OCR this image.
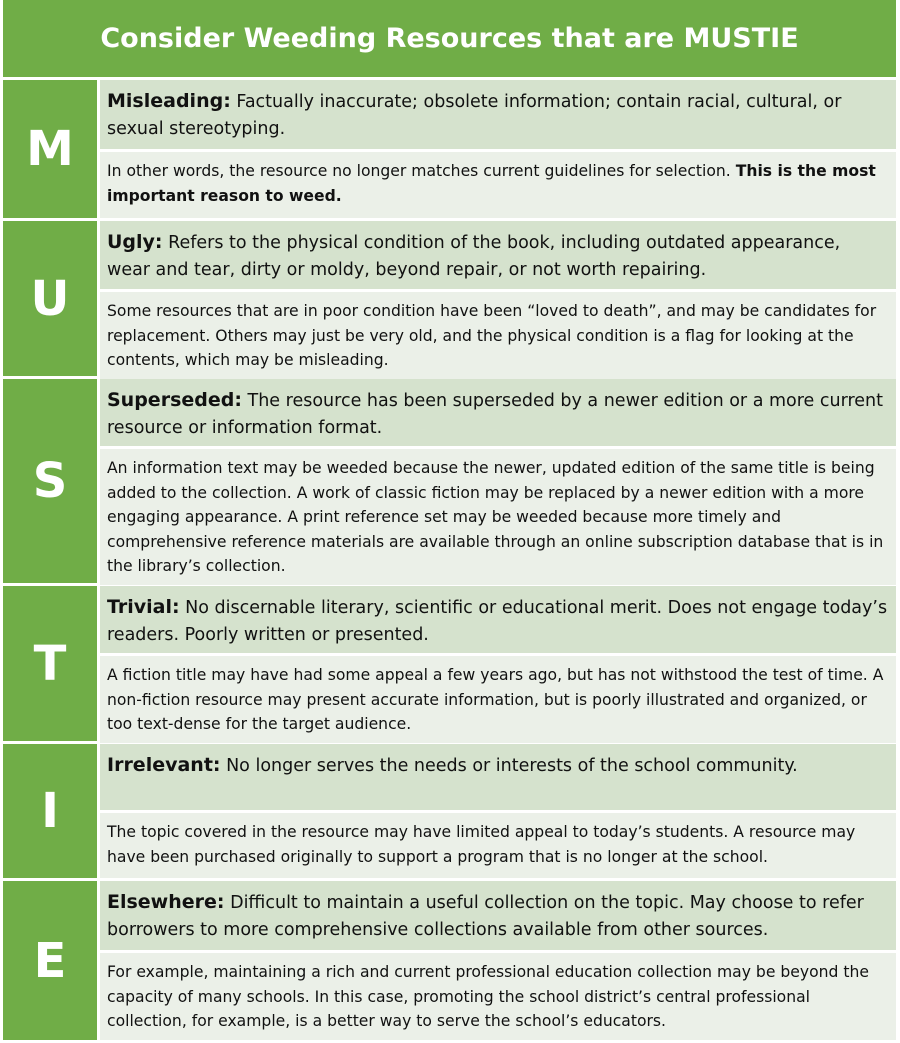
Consider Weeding Resources that are MUSTIE
M
Misleading: Factually inaccurate; obsolete information; contain racial, cultural, or sexual stereotyping.
In other words, the resource no longer matches current guidelines for selection. This is the most important reason to weed.
U
Ugly: Refers to the physical condition of the book, including outdated appearance, wear and tear, dirty or moldy, beyond repair, or not worth repairing.
Some resources that are in poor condition have been “loved to death”, and may be candidates for replacement. Others may just be very old, and the physical condition is a flag for looking at the contents, which may be misleading.
S
Superseded: The resource has been superseded by a newer edition or a more current resource or information format.
An information text may be weeded because the newer, updated edition of the same title is being added to the collection. A work of classic fiction may be replaced by a newer edition with a more engaging appearance. A print reference set may be weeded because more timely and comprehensive reference materials are available through an online subscription database that is in the library’s collection.
T
Trivial: No discernable literary, scientific or educational merit. Does not engage today’s readers. Poorly written or presented.
A fiction title may have had some appeal a few years ago, but has not withstood the test of time. A non-fiction resource may present accurate information, but is poorly illustrated and organized, or too text-dense for the target audience.
I
Irrelevant: No longer serves the needs or interests of the school community.
The topic covered in the resource may have limited appeal to today’s students. A resource may have been purchased originally to support a program that is no longer at the school.
E
Elsewhere: Difficult to maintain a useful collection on the topic. May choose to refer borrowers to more comprehensive collections available from other sources.
For example, maintaining a rich and current professional education collection may be beyond the capacity of many schools. In this case, promoting the school district’s central professional collection, for example, is a better way to serve the school’s educators.
